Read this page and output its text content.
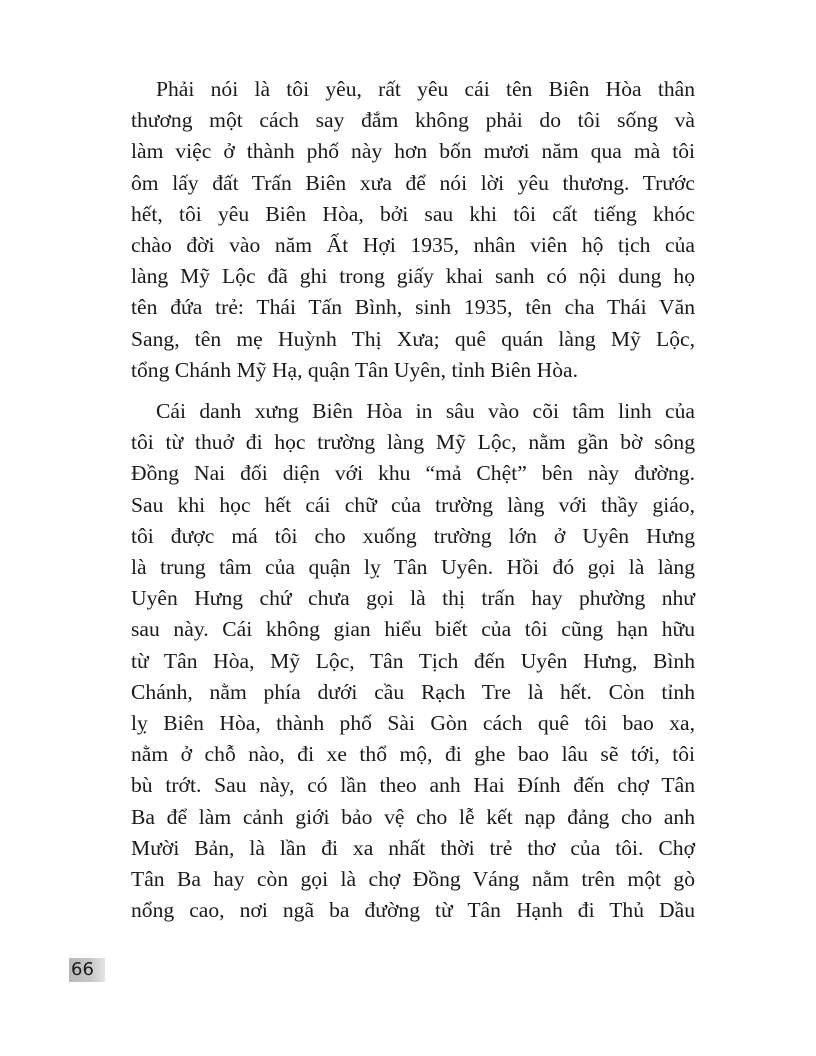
Phải nói là tôi yêu, rất yêu cái tên Biên Hòa thân
thương một cách say đắm không phải do tôi sống và
làm việc ở thành phố này hơn bốn mươi năm qua mà tôi
ôm lấy đất Trấn Biên xưa để nói lời yêu thương. Trước
hết, tôi yêu Biên Hòa, bởi sau khi tôi cất tiếng khóc
chào đời vào năm Ất Hợi 1935, nhân viên hộ tịch của
làng Mỹ Lộc đã ghi trong giấy khai sanh có nội dung họ
tên đứa trẻ: Thái Tấn Bình, sinh 1935, tên cha Thái Văn
Sang, tên mẹ Huỳnh Thị Xưa; quê quán làng Mỹ Lộc,
tổng Chánh Mỹ Hạ, quận Tân Uyên, tỉnh Biên Hòa.
Cái danh xưng Biên Hòa in sâu vào cõi tâm linh của
tôi từ thuở đi học trường làng Mỹ Lộc, nằm gần bờ sông
Đồng Nai đối diện với khu “mả Chệt” bên này đường.
Sau khi học hết cái chữ của trường làng với thầy giáo,
tôi được má tôi cho xuống trường lớn ở Uyên Hưng
là trung tâm của quận lỵ Tân Uyên. Hồi đó gọi là làng
Uyên Hưng chứ chưa gọi là thị trấn hay phường như
sau này. Cái không gian hiểu biết của tôi cũng hạn hữu
từ Tân Hòa, Mỹ Lộc, Tân Tịch đến Uyên Hưng, Bình
Chánh, nằm phía dưới cầu Rạch Tre là hết. Còn tỉnh
lỵ Biên Hòa, thành phố Sài Gòn cách quê tôi bao xa,
nằm ở chỗ nào, đi xe thổ mộ, đi ghe bao lâu sẽ tới, tôi
bù trớt. Sau này, có lần theo anh Hai Đính đến chợ Tân
Ba để làm cảnh giới bảo vệ cho lễ kết nạp đảng cho anh
Mười Bản, là lần đi xa nhất thời trẻ thơ của tôi. Chợ
Tân Ba hay còn gọi là chợ Đồng Váng nằm trên một gò
nổng cao, nơi ngã ba đường từ Tân Hạnh đi Thủ Dầu
66
